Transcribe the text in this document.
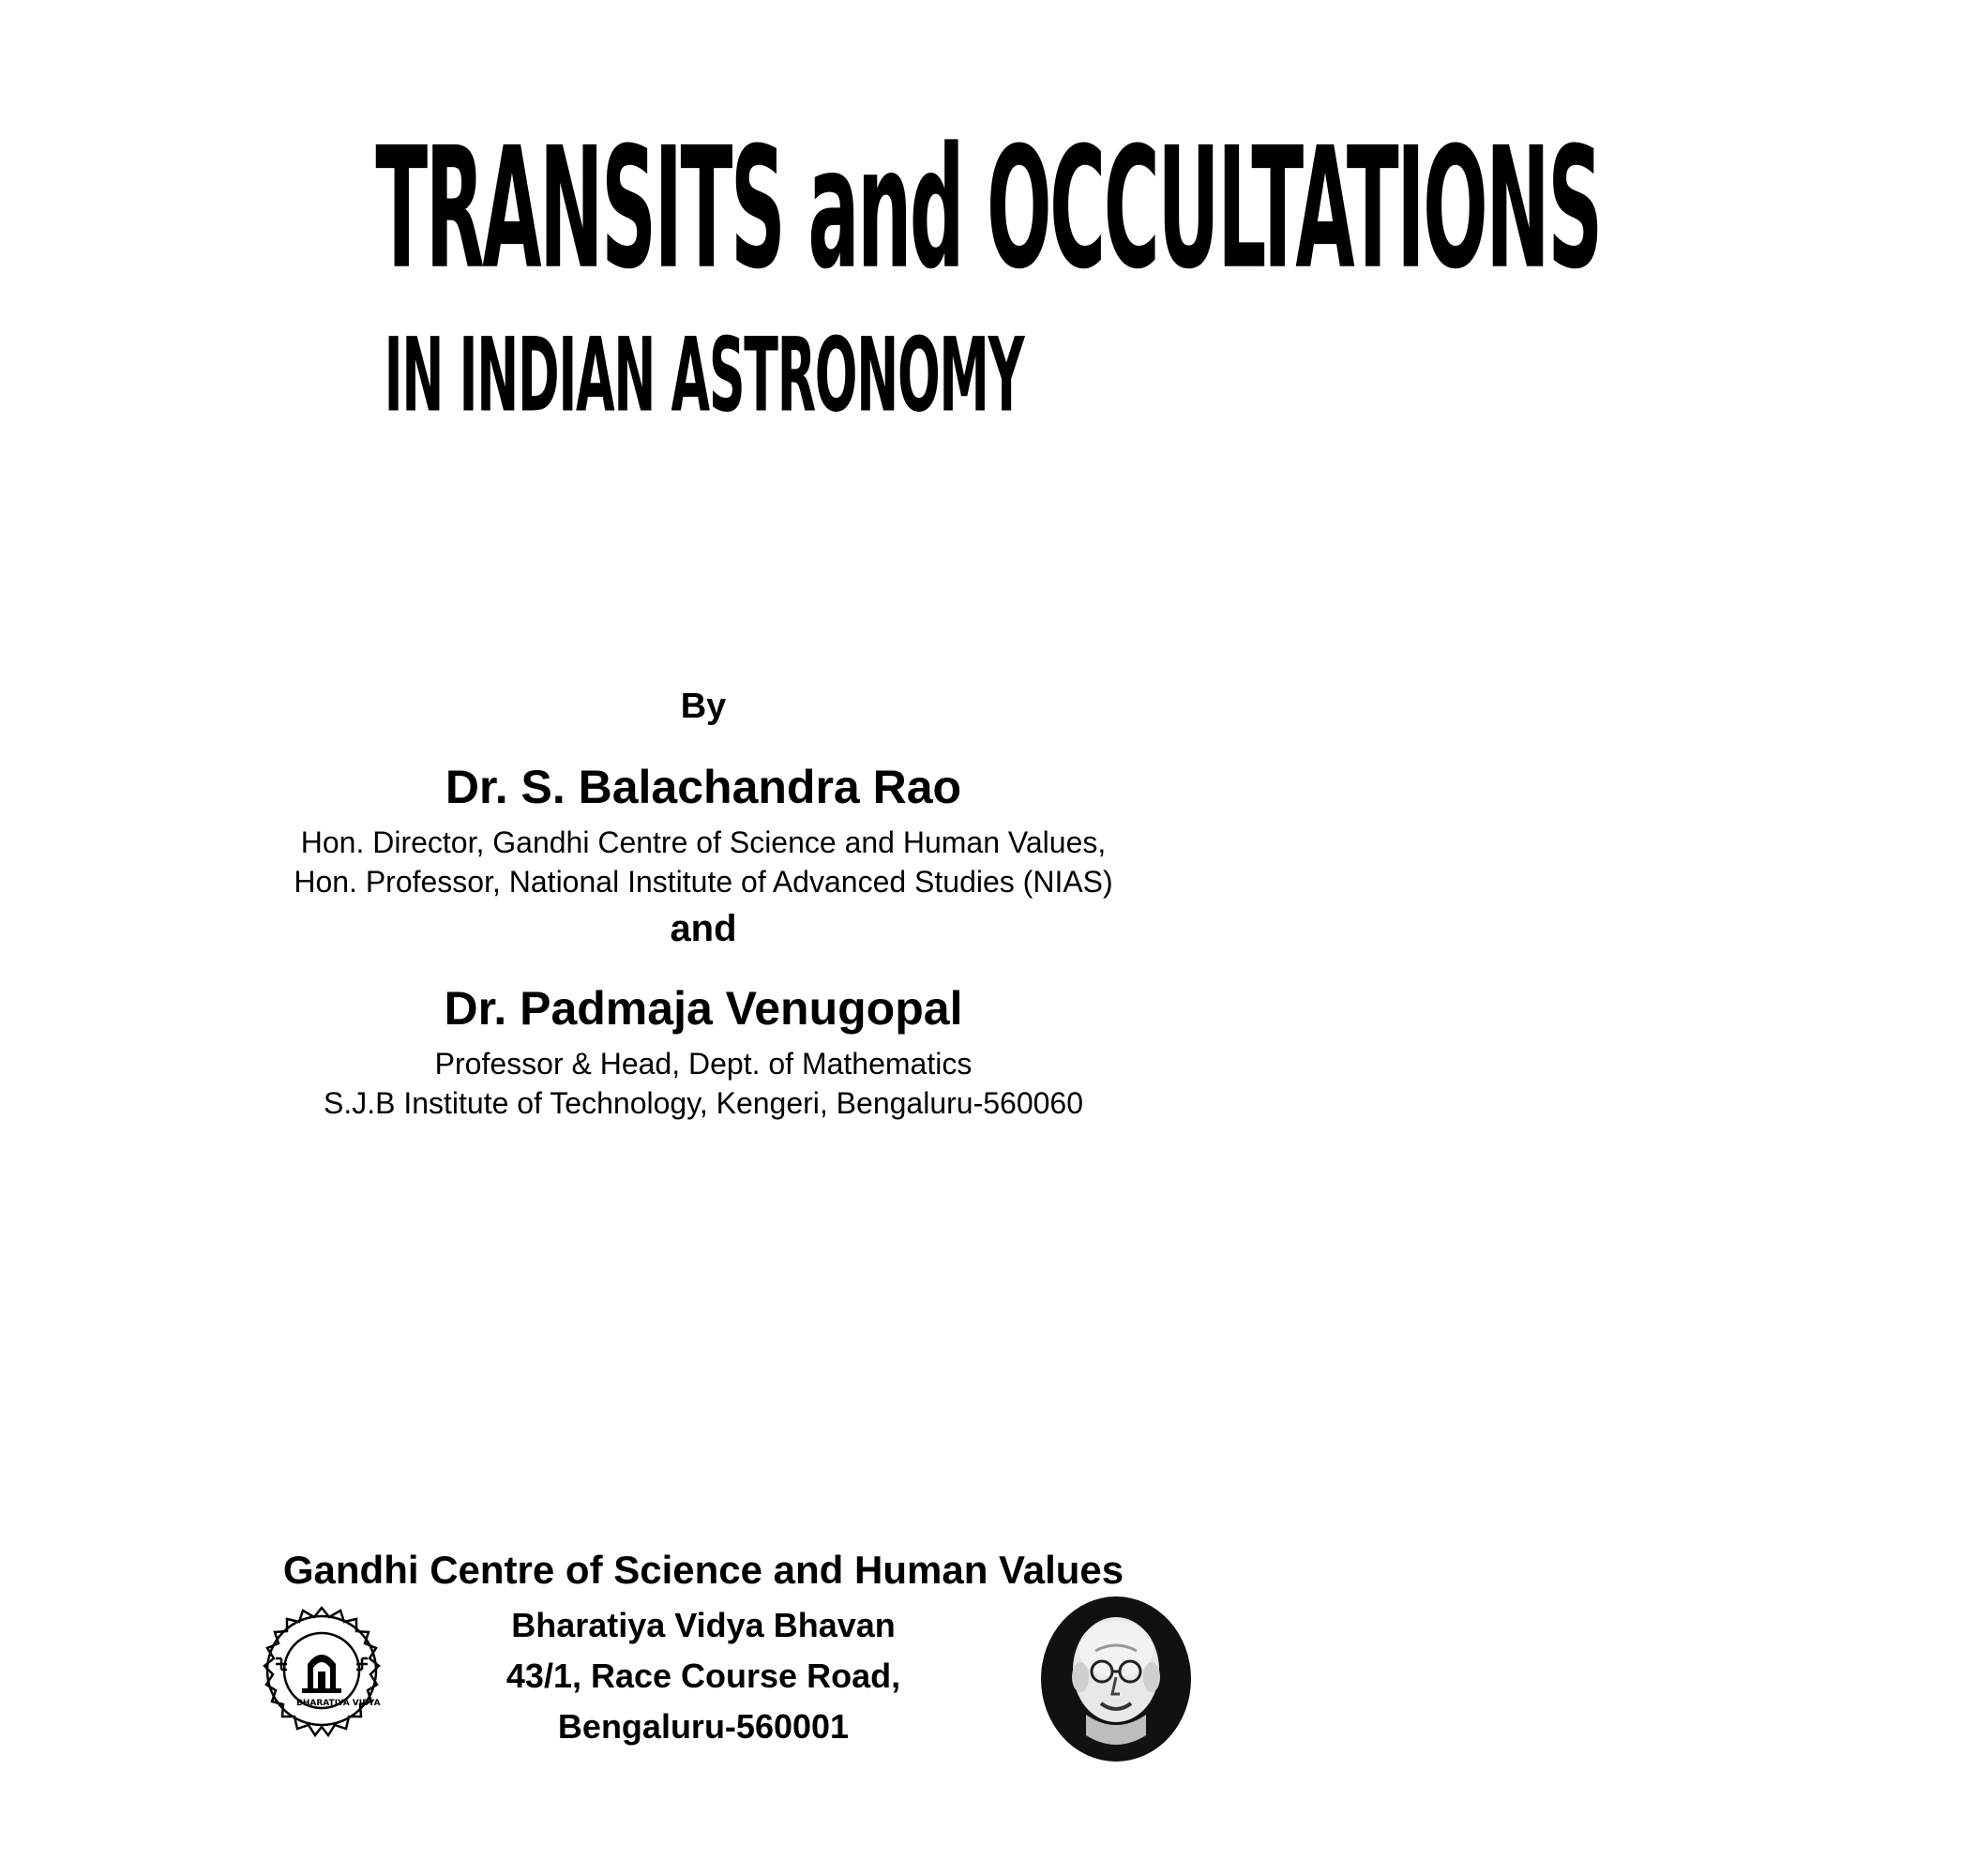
TRANSITS and OCCULTATIONS
IN INDIAN ASTRONOMY
By
Dr. S. Balachandra Rao
Hon. Director, Gandhi Centre of Science and Human Values,
Hon. Professor, National Institute of Advanced Studies (NIAS)
and
Dr. Padmaja Venugopal
Professor & Head, Dept. of Mathematics
S.J.B Institute of Technology, Kengeri, Bengaluru-560060
Gandhi Centre of Science and Human Values
Bharatiya Vidya Bhavan
43/1, Race Course Road,
Bengaluru-560001
BHARATIYA VIDYA
